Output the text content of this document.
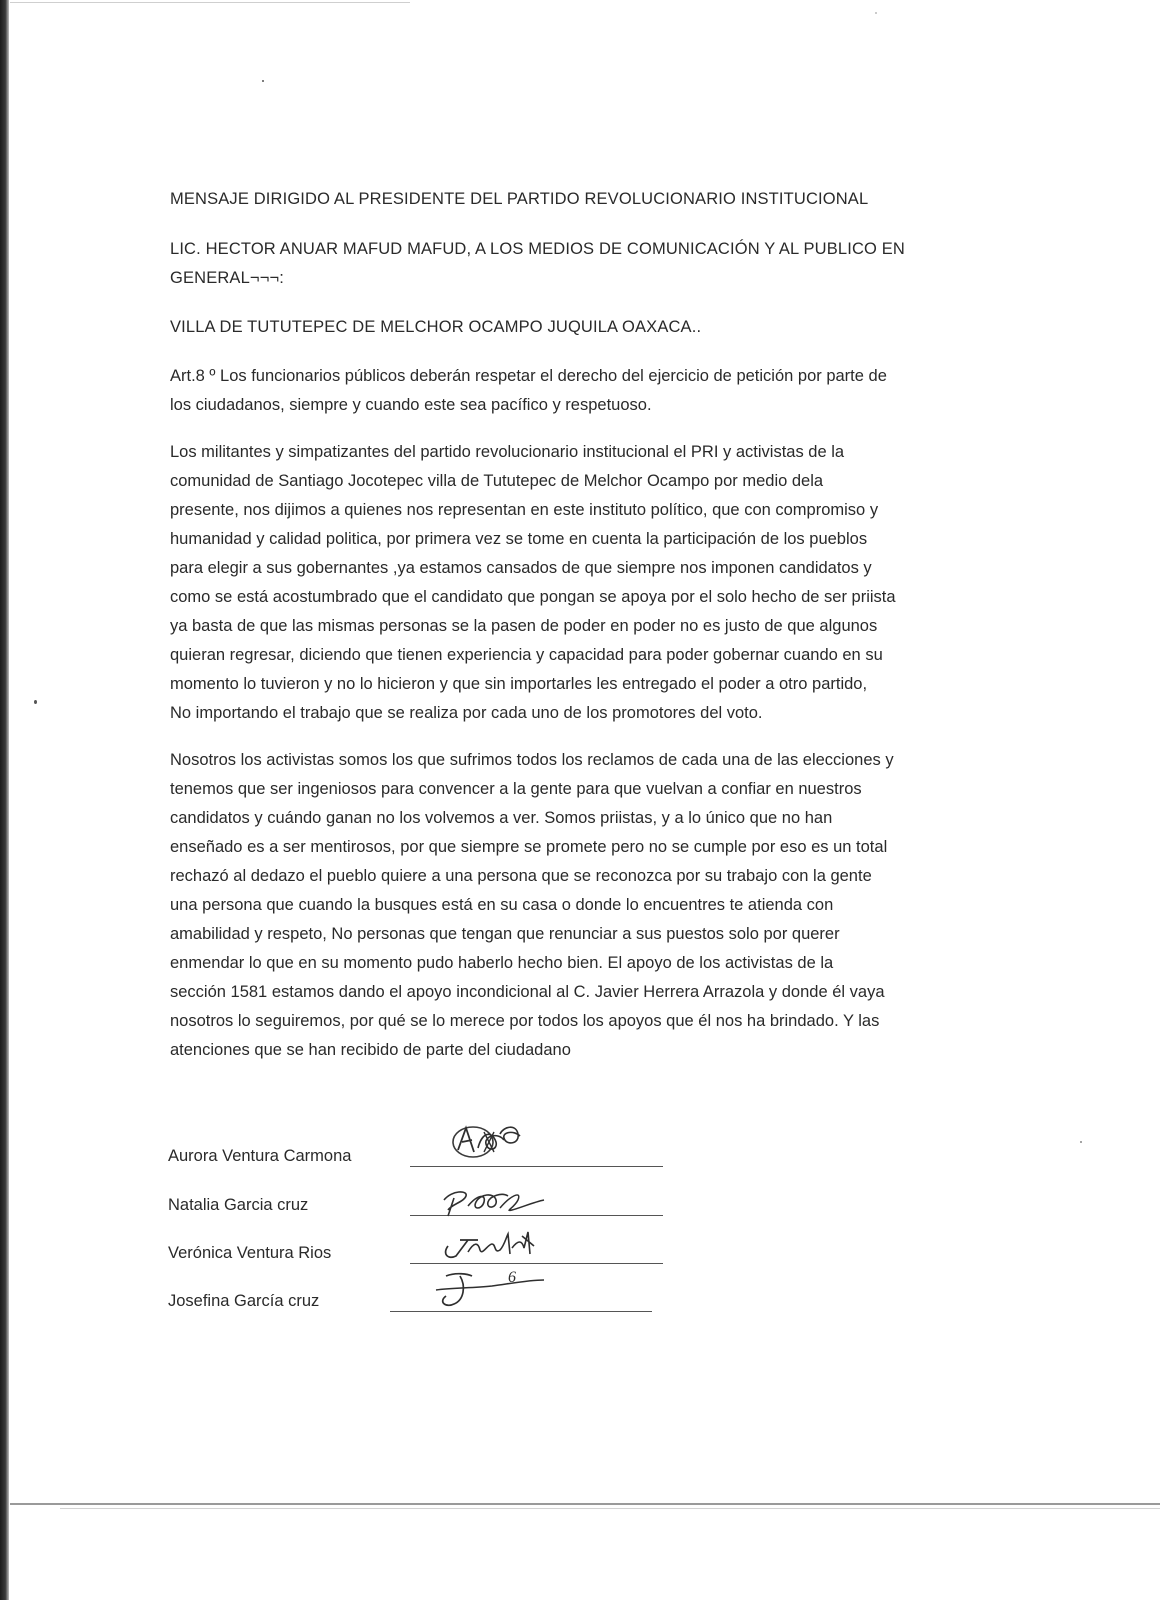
MENSAJE DIRIGIDO AL PRESIDENTE DEL PARTIDO REVOLUCIONARIO INSTITUCIONAL
LIC. HECTOR ANUAR MAFUD MAFUD, A LOS MEDIOS DE COMUNICACIÓN Y AL PUBLICO EN
GENERAL¬¬¬:
VILLA DE TUTUTEPEC DE MELCHOR OCAMPO JUQUILA OAXACA..
Art.8 º Los funcionarios públicos deberán respetar el derecho del ejercicio de petición por parte de
los ciudadanos, siempre y cuando este sea pacífico y respetuoso.
Los militantes y simpatizantes del partido revolucionario institucional el PRI y activistas de la
comunidad de Santiago Jocotepec villa de Tututepec de Melchor Ocampo por medio dela
presente, nos dijimos a quienes nos representan en este instituto político, que con compromiso y
humanidad y calidad politica, por primera vez se tome en cuenta la participación de los pueblos
para elegir a sus gobernantes ,ya estamos cansados de que siempre nos imponen candidatos y
como se está acostumbrado que el candidato que pongan se apoya por el solo hecho de ser priista
ya basta de que las mismas personas se la pasen de poder en poder no es justo de que algunos
quieran regresar, diciendo que tienen experiencia y capacidad para poder gobernar cuando en su
momento lo tuvieron y no lo hicieron y que sin importarles les entregado el poder a otro partido,
No importando el trabajo que se realiza por cada uno de los promotores del voto.
Nosotros los activistas somos los que sufrimos todos los reclamos de cada una de las elecciones y
tenemos que ser ingeniosos para convencer a la gente para que vuelvan a confiar en nuestros
candidatos y cuándo ganan no los volvemos a ver. Somos priistas, y a lo único que no han
enseñado es a ser mentirosos, por que siempre se promete pero no se cumple por eso es un total
rechazó al dedazo el pueblo quiere a una persona que se reconozca por su trabajo con la gente
una persona que cuando la busques está en su casa o donde lo encuentres te atienda con
amabilidad y respeto, No personas que tengan que renunciar a sus puestos solo por querer
enmendar lo que en su momento pudo haberlo hecho bien. El apoyo de los activistas de la
sección 1581 estamos dando el apoyo incondicional al C. Javier Herrera Arrazola y donde él vaya
nosotros lo seguiremos, por qué se lo merece por todos los apoyos que él nos ha brindado. Y las
atenciones que se han recibido de parte del ciudadano
Aurora Ventura Carmona
Natalia Garcia cruz
Verónica Ventura Rios
Josefina García cruz
6
